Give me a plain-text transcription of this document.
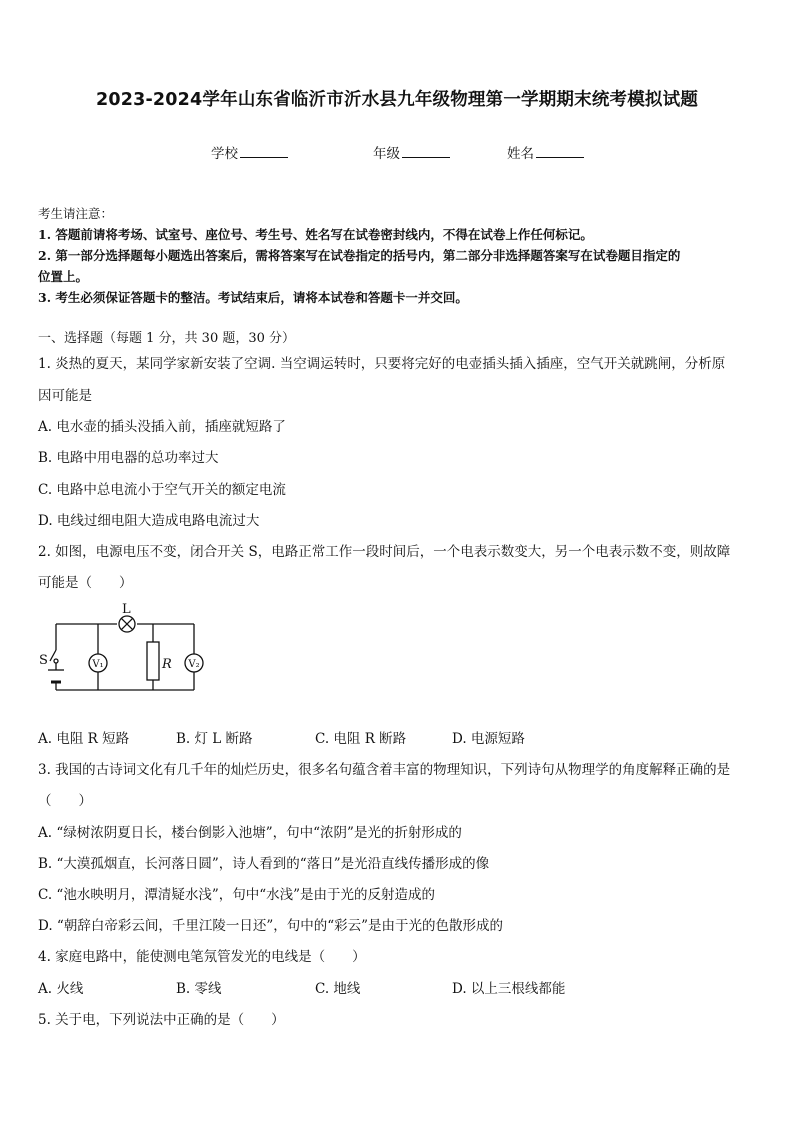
2023-2024学年山东省临沂市沂水县九年级物理第一学期期末统考模拟试题
学校	年级	姓名
考生请注意：
1. 答题前请将考场、试室号、座位号、考生号、姓名写在试卷密封线内，不得在试卷上作任何标记。
2. 第一部分选择题每小题选出答案后，需将答案写在试卷指定的括号内，第二部分非选择题答案写在试卷题目指定的
位置上。
3. 考生必须保证答题卡的整洁。考试结束后，请将本试卷和答题卡一并交回。
一、选择题（每题 1 分，共 30 题，30 分）
1. 炎热的夏天，某同学家新安装了空调. 当空调运转时，只要将完好的电壶插头插入插座，空气开关就跳闸，分析原
因可能是
A. 电水壶的插头没插入前，插座就短路了
B. 电路中用电器的总功率过大
C. 电路中总电流小于空气开关的额定电流
D. 电线过细电阻大造成电路电流过大
2. 如图，电源电压不变，闭合开关 S，电路正常工作一段时间后，一个电表示数变大，另一个电表示数不变，则故障
可能是（　　）
L
S	R
V₁	V₂
A. 电阻 R 短路	B. 灯 L 断路	C. 电阻 R 断路	D. 电源短路
3. 我国的古诗词文化有几千年的灿烂历史，很多名句蕴含着丰富的物理知识，下列诗句从物理学的角度解释正确的是
（　　）
A. “绿树浓阴夏日长，楼台倒影入池塘”，句中“浓阴”是光的折射形成的
B. “大漠孤烟直，长河落日圆”，诗人看到的“落日”是光沿直线传播形成的像
C. “池水映明月，潭清疑水浅”，句中“水浅”是由于光的反射造成的
D. “朝辞白帝彩云间，千里江陵一日还”，句中的“彩云”是由于光的色散形成的
4. 家庭电路中，能使测电笔氖管发光的电线是（　　）
A. 火线	B. 零线	C. 地线	D. 以上三根线都能
5. 关于电，下列说法中正确的是（　　）
